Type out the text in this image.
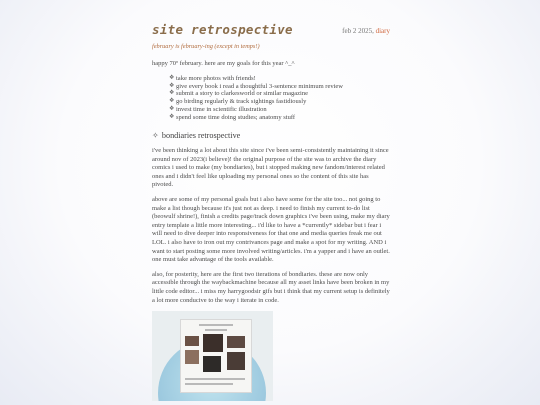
site retrospective	feb 2 2025, diary
february is february-ing (except in temps!)

happy 70º february. here are my goals for this year ^_^

❖ take more photos with friends!
❖ give every book i read a thoughtful 3-sentence minimum review
❖ submit a story to clarkesworld or similar magazine
❖ go birding regularly & track sightings fastidiously
❖ invest time in scientific illustration
❖ spend some time doing studies; anatomy stuff
✧ bondiaries retrospective

i've been thinking a lot about this site since i've been semi-consistently maintaining it since around nov of 2023(i believe)! the original purpose of the site was to archive the diary comics i used to make (my bondiaries), but i stopped making new fandom/interest related ones and i didn't feel like uploading my personal ones so the content of this site has pivoted.

above are some of my personal goals but i also have some for the site too... not going to make a list though because it's just not as deep. i need to finish my current to-do list (beowulf shrine!), finish a credits page/track down graphics i've been using, make my diary entry template a little more interesting... i'd like to have a *currently* sidebar but i fear i will need to dive deeper into responsiveness for that one and media queries freak me out LOL. i also have to iron out my contrivances page and make a spot for my writing. AND i want to start posting some more involved writing/articles. i'm a yapper and i have an outlet. one must take advantage of the tools available.

also, for posterity, here are the first two iterations of bondiaries. these are now only accessible through the waybackmachine because all my asset links have been broken in my little code editor... i miss my harrygoodsir gifs but i think that my current setup is definitely a lot more conducive to the way i iterate in code.
